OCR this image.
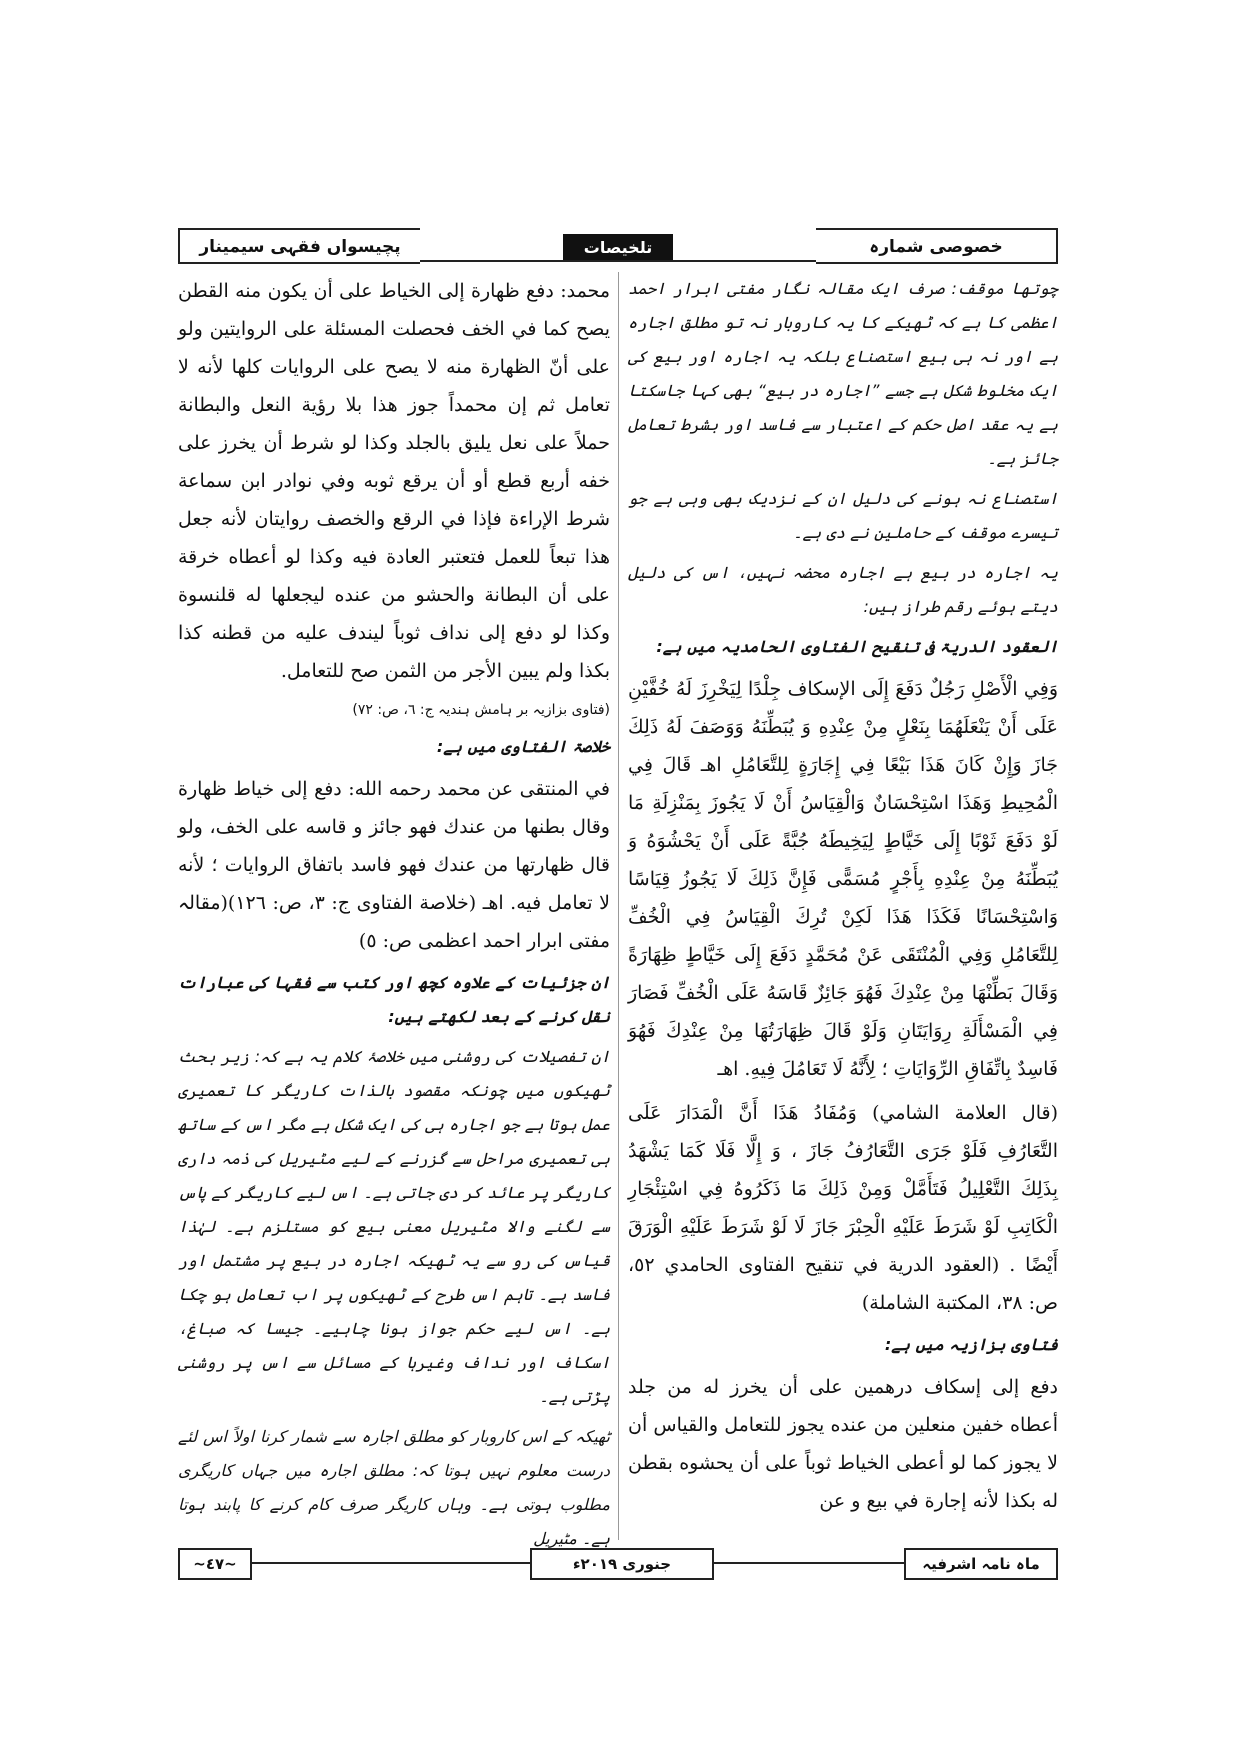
پچیسواں فقہی سیمینار	تلخیصات	خصوصی شمارہ

چوتھا موقف: صرف ایک مقالہ نگار مفتی ابرار احمد اعظمی کا ہے کہ ٹھیکے کا یہ کاروبار نہ تو مطلق اجارہ ہے اور نہ ہی بیع استصناع بلکہ یہ اجارہ اور بیع کی ایک مخلوط شکل ہے جسے ”اجارہ در بیع“ بھی کہا جاسکتا ہے یہ عقد اصل حکم کے اعتبار سے فاسد اور بشرط تعامل جائز ہے۔

استصناع نہ ہونے کی دلیل ان کے نزدیک بھی وہی ہے جو تیسرے موقف کے حاملین نے دی ہے۔

یہ اجارہ در بیع ہے اجارہ محضہ نہیں، اس کی دلیل دیتے ہوئے رقم طراز ہیں:

العقود الدریۃ فی تنقیح الفتاوی الحامدیہ میں ہے:

وَفِي الْأَصْلِ رَجُلٌ دَفَعَ إِلَى الإسكاف جِلْدًا لِيَخْرِزَ لَهُ خُفَّيْنِ عَلَى أَنْ يَنْعَلَهُمَا بِنَعْلٍ مِنْ عِنْدِهِ وَ يُبَطِّنَهُ وَوَصَفَ لَهُ ذَلِكَ جَازَ وَإِنْ كَانَ هَذَا بَيْعًا فِي إِجَارَةٍ لِلتَّعَامُلِ اهـ قَالَ فِي الْمُحِيطِ وَهَذَا اسْتِحْسَانٌ وَالْقِيَاسُ أَنْ لَا يَجُوزَ بِمَنْزِلَةِ مَا لَوْ دَفَعَ ثَوْبًا إِلَى خَيَّاطٍ لِيَخِيطَهُ جُبَّةً عَلَى أَنْ يَحْشُوَهُ وَ يُبَطِّنَهُ مِنْ عِنْدِهِ بِأَجْرٍ مُسَمًّى فَإِنَّ ذَلِكَ لَا يَجُوزُ قِيَاسًا وَاسْتِحْسَانًا فَكَذَا هَذَا لَكِنْ تُرِكَ الْقِيَاسُ فِي الْخُفِّ لِلتَّعَامُلِ وَفِي الْمُنْتَقَى عَنْ مُحَمَّدٍ دَفَعَ إِلَى خَيَّاطٍ ظِهَارَةً وَقَالَ بَطِّنْهَا مِنْ عِنْدِكَ فَهُوَ جَائِزٌ قَاسَهُ عَلَى الْخُفِّ فَصَارَ فِي الْمَسْأَلَةِ رِوَايَتَانِ وَلَوْ قَالَ ظِهَارَتُهَا مِنْ عِنْدِكَ فَهُوَ فَاسِدٌ بِاتِّفَاقِ الرِّوَايَاتِ ؛ لِأَنَّهُ لَا تَعَامُلَ فِيهِ. اهـ

(قال العلامة الشامي) وَمُفَادُ هَذَا أَنَّ الْمَدَارَ عَلَى التَّعَارُفِ فَلَوْ جَرَى التَّعَارُفُ جَازَ ، وَ إِلَّا فَلَا كَمَا يَشْهَدُ بِذَلِكَ التَّعْلِيلُ فَتَأَمَّلْ وَمِنْ ذَلِكَ مَا ذَكَرُوهُ فِي اسْتِئْجَارِ الْكَاتِبِ لَوْ شَرَطَ عَلَيْهِ الْحِبْرَ جَازَ لَا لَوْ شَرَطَ عَلَيْهِ الْوَرَقَ أَيْضًا . (العقود الدرية في تنقيح الفتاوى الحامدي ٥٢، ص: ٣٨، المكتبة الشاملة)

فتاوی بزازیہ میں ہے:

دفع إلى إسكاف درهمين على أن يخرز له من جلد أعطاه خفين منعلين من عنده يجوز للتعامل والقياس أن لا يجوز كما لو أعطى الخياط ثوباً على أن يحشوه بقطن له بكذا لأنه إجارة في بيع و عن

محمد: دفع ظهارة إلى الخياط على أن يكون منه القطن يصح كما في الخف فحصلت المسئلة على الروايتين ولو على أنّ الظهارة منه لا يصح على الروايات كلها لأنه لا تعامل ثم إن محمداً جوز هذا بلا رؤية النعل والبطانة حملاً على نعل يليق بالجلد وكذا لو شرط أن يخرز على خفه أربع قطع أو أن يرقع ثوبه وفي نوادر ابن سماعة شرط الإراءة فإذا في الرقع والخصف روايتان لأنه جعل هذا تبعاً للعمل فتعتبر العادة فيه وكذا لو أعطاه خرقة على أن البطانة والحشو من عنده ليجعلها له قلنسوة وكذا لو دفع إلى نداف ثوباً ليندف عليه من قطنه كذا بكذا ولم يبين الأجر من الثمن صح للتعامل.

(فتاوی بزازیہ بر ہامش ہندیہ ج: ٦، ص: ٧٢)

خلاصۃ الفتاوی میں ہے:

في المنتقى عن محمد رحمه الله: دفع إلى خياط ظهارة وقال بطنها من عندك فهو جائز و قاسه على الخف، ولو قال ظهارتها من عندك فهو فاسد باتفاق الروايات ؛ لأنه لا تعامل فيه. اهـ (خلاصة الفتاوی ج: ٣، ص: ١٢٦)(مقالہ مفتی ابرار احمد اعظمی ص: ٥)

ان جزئیات کے علاوہ کچھ اور کتب سے فقہا کی عبارات نقل کرنے کے بعد لکھتے ہیں:

ان تفصیلات کی روشنی میں خلاصۂ کلام یہ ہے کہ: زیر بحث ٹھیکوں میں چونکہ مقصود بالذات کاریگر کا تعمیری عمل ہوتا ہے جو اجارہ ہی کی ایک شکل ہے مگر اس کے ساتھ ہی تعمیری مراحل سے گزرنے کے لیے مٹیریل کی ذمہ داری کاریگر پر عائد کر دی جاتی ہے۔ اس لیے کاریگر کے پاس سے لگنے والا مٹیریل معنی بیع کو مستلزم ہے۔ لہٰذا قیاس کی رو سے یہ ٹھیکہ اجارہ در بیع پر مشتمل اور فاسد ہے۔ تاہم اس طرح کے ٹھیکوں پر اب تعامل ہو چکا ہے۔ اس لیے حکم جواز ہونا چاہیے۔ جیسا کہ صباغ، اسکاف اور نداف وغیرہا کے مسائل سے اس پر روشنی پڑتی ہے۔

ٹھیکہ کے اس کاروبار کو مطلق اجارہ سے شمار کرنا اولاً اس لئے درست معلوم نہیں ہوتا کہ: مطلق اجارہ میں جہاں کاریگری مطلوب ہوتی ہے۔ وہاں کاریگر صرف کام کرنے کا پابند ہوتا ہے۔ مٹیریل

~٤٧~	جنوری ۲۰۱۹ء	ماہ نامہ اشرفیہ
